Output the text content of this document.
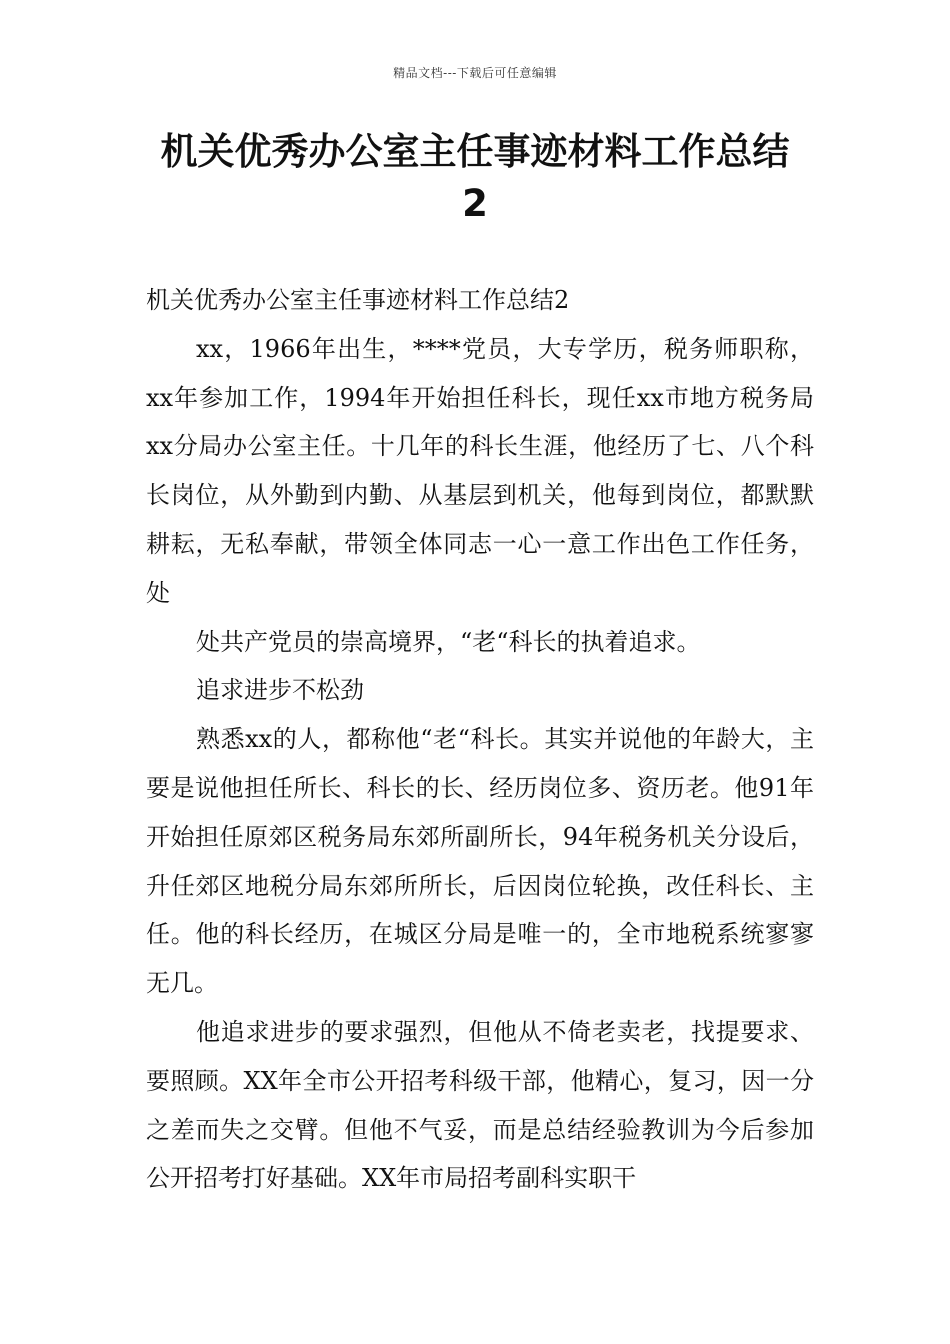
精品文档---下载后可任意编辑
机关优秀办公室主任事迹材料工作总结
2

机关优秀办公室主任事迹材料工作总结2

xx，1966年出生，****党员，大专学历，税务师职称，xx年参加工作，1994年开始担任科长，现任xx市地方税务局xx分局办公室主任。十几年的科长生涯，他经历了七、八个科长岗位，从外勤到内勤、从基层到机关，他每到岗位，都默默耕耘，无私奉献，带领全体同志一心一意工作出色工作任务，处

处共产党员的崇高境界，“老“科长的执着追求。

追求进步不松劲

熟悉xx的人，都称他“老“科长。其实并说他的年龄大，主要是说他担任所长、科长的长、经历岗位多、资历老。他91年开始担任原郊区税务局东郊所副所长，94年税务机关分设后，升任郊区地税分局东郊所所长，后因岗位轮换，改任科长、主任。他的科长经历，在城区分局是唯一的，全市地税系统寥寥无几。

他追求进步的要求强烈，但他从不倚老卖老，找提要求、要照顾。XX年全市公开招考科级干部，他精心，复习，因一分之差而失之交臂。但他不气妥，而是总结经验教训为今后参加公开招考打好基础。XX年市局招考副科实职干
